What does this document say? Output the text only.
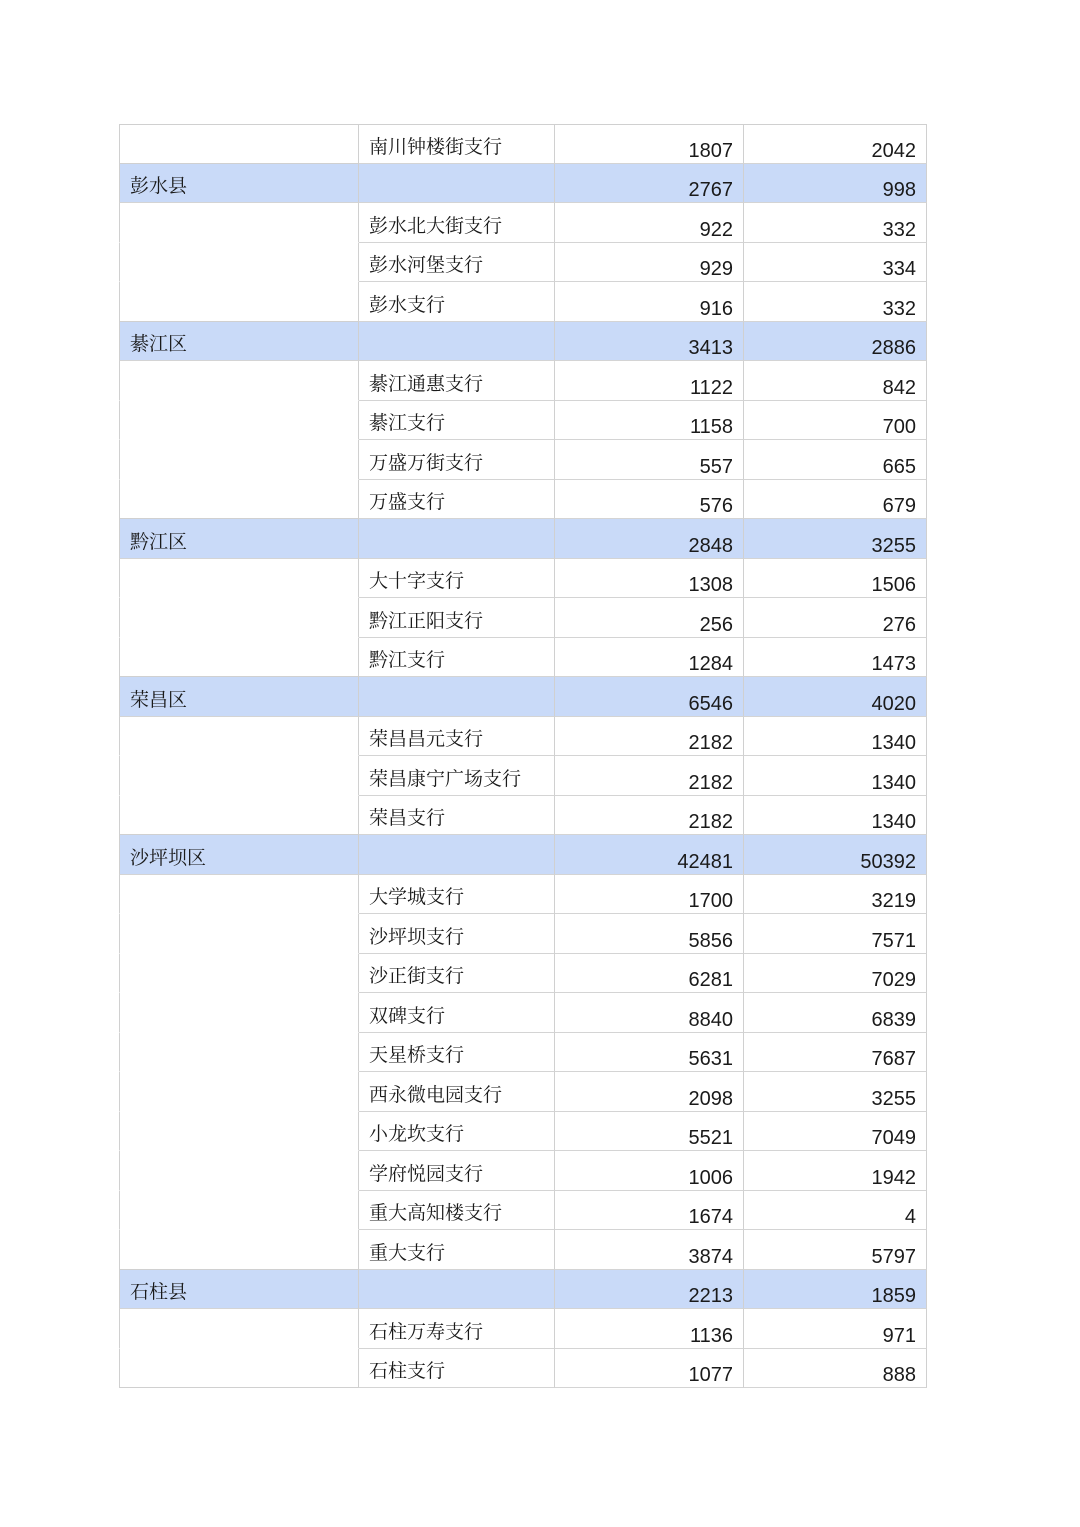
南川钟楼街支行	1807	2042
彭水县	2767	998
彭水北大街支行	922	332
彭水河堡支行	929	334
彭水支行	916	332
綦江区	3413	2886
綦江通惠支行	1122	842
綦江支行	1158	700
万盛万街支行	557	665
万盛支行	576	679
黔江区	2848	3255
大十字支行	1308	1506
黔江正阳支行	256	276
黔江支行	1284	1473
荣昌区	6546	4020
荣昌昌元支行	2182	1340
荣昌康宁广场支行	2182	1340
荣昌支行	2182	1340
沙坪坝区	42481	50392
大学城支行	1700	3219
沙坪坝支行	5856	7571
沙正街支行	6281	7029
双碑支行	8840	6839
天星桥支行	5631	7687
西永微电园支行	2098	3255
小龙坎支行	5521	7049
学府悦园支行	1006	1942
重大高知楼支行	1674	4
重大支行	3874	5797
石柱县	2213	1859
石柱万寿支行	1136	971
石柱支行	1077	888
